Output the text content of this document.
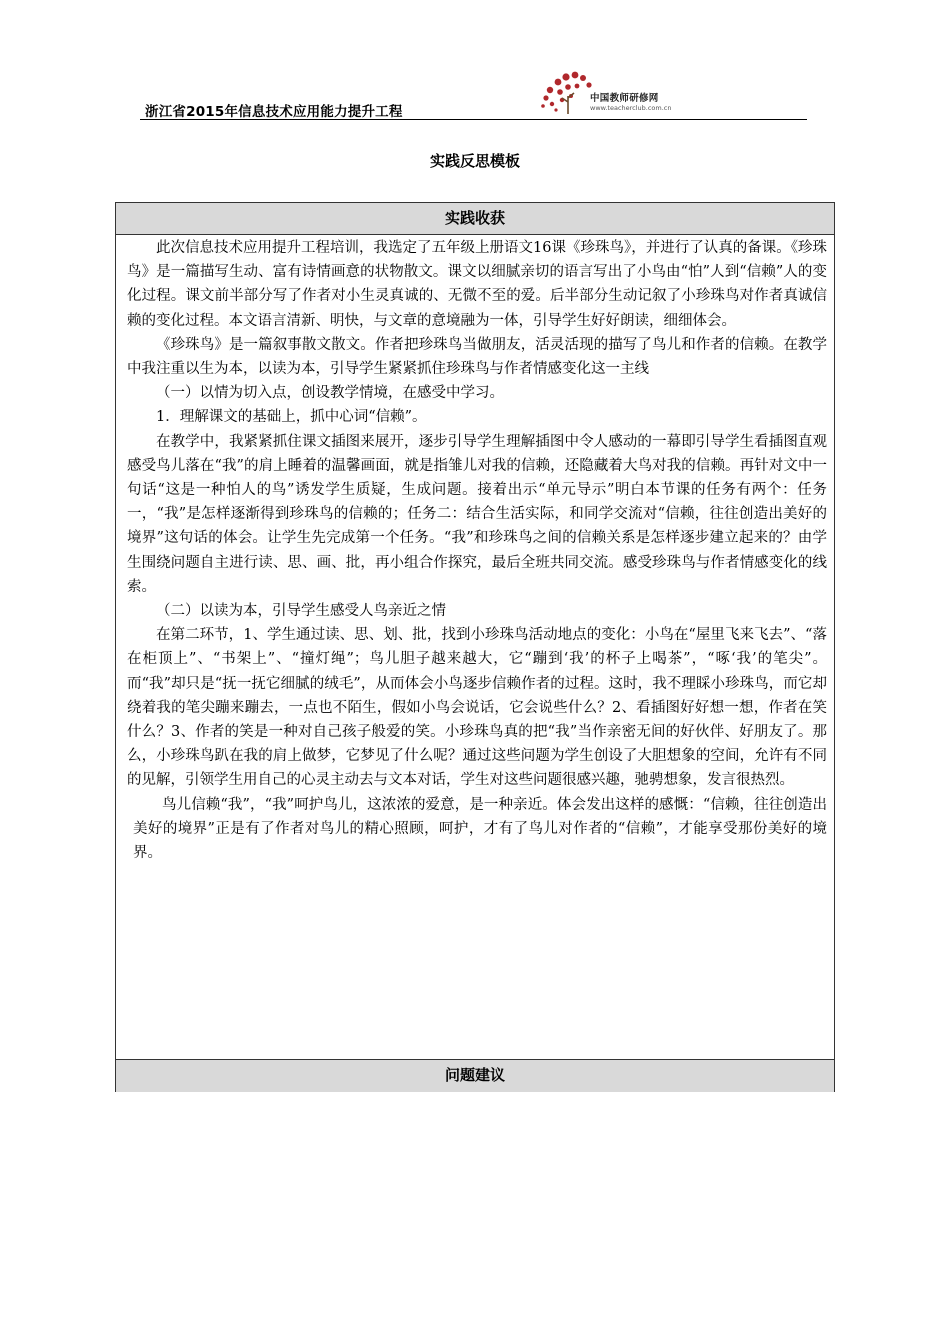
浙江省2015年信息技术应用能力提升工程
中国教师研修网
www.teacherclub.com.cn
实践反思模板
实践收获

此次信息技术应用提升工程培训，我选定了五年级上册语文16课《珍珠鸟》，并进行了认真的备课。《珍珠鸟》是一篇描写生动、富有诗情画意的状物散文。课文以细腻亲切的语言写出了小鸟由“怕”人到“信赖”人的变化过程。课文前半部分写了作者对小生灵真诚的、无微不至的爱。后半部分生动记叙了小珍珠鸟对作者真诚信赖的变化过程。本文语言清新、明快，与文章的意境融为一体，引导学生好好朗读，细细体会。

《珍珠鸟》是一篇叙事散文散文。作者把珍珠鸟当做朋友，活灵活现的描写了鸟儿和作者的信赖。在教学中我注重以生为本，以读为本，引导学生紧紧抓住珍珠鸟与作者情感变化这一主线

（一）以情为切入点，创设教学情境，在感受中学习。

1．理解课文的基础上，抓中心词“信赖”。

在教学中，我紧紧抓住课文插图来展开，逐步引导学生理解插图中令人感动的一幕即引导学生看插图直观感受鸟儿落在“我”的肩上睡着的温馨画面，就是指雏儿对我的信赖，还隐藏着大鸟对我的信赖。再针对文中一句话“这是一种怕人的鸟”诱发学生质疑，生成问题。接着出示“单元导示”明白本节课的任务有两个：任务一，“我”是怎样逐渐得到珍珠鸟的信赖的；任务二：结合生活实际，和同学交流对“信赖，往往创造出美好的境界”这句话的体会。让学生先完成第一个任务。“我”和珍珠鸟之间的信赖关系是怎样逐步建立起来的？由学生围绕问题自主进行读、思、画、批，再小组合作探究，最后全班共同交流。感受珍珠鸟与作者情感变化的线索。

（二）以读为本，引导学生感受人鸟亲近之情

在第二环节，1、学生通过读、思、划、批，找到小珍珠鸟活动地点的变化：小鸟在“屋里飞来飞去”、“落在柜顶上”、“书架上”、“撞灯绳”；鸟儿胆子越来越大，它“蹦到‘我’的杯子上喝茶”，“啄‘我’的笔尖”。而“我”却只是“抚一抚它细腻的绒毛”，从而体会小鸟逐步信赖作者的过程。这时，我不理睬小珍珠鸟，而它却绕着我的笔尖蹦来蹦去，一点也不陌生，假如小鸟会说话，它会说些什么？2、看插图好好想一想，作者在笑什么？3、作者的笑是一种对自己孩子般爱的笑。小珍珠鸟真的把“我”当作亲密无间的好伙伴、好朋友了。那么，小珍珠鸟趴在我的肩上做梦，它梦见了什么呢？通过这些问题为学生创设了大胆想象的空间，允许有不同的见解，引领学生用自己的心灵主动去与文本对话，学生对这些问题很感兴趣，驰骋想象，发言很热烈。

鸟儿信赖“我”，“我”呵护鸟儿，这浓浓的爱意，是一种亲近。体会发出这样的感慨：“信赖，往往创造出美好的境界”正是有了作者对鸟儿的精心照顾，呵护，才有了鸟儿对作者的“信赖”，才能享受那份美好的境界。

问题建议
